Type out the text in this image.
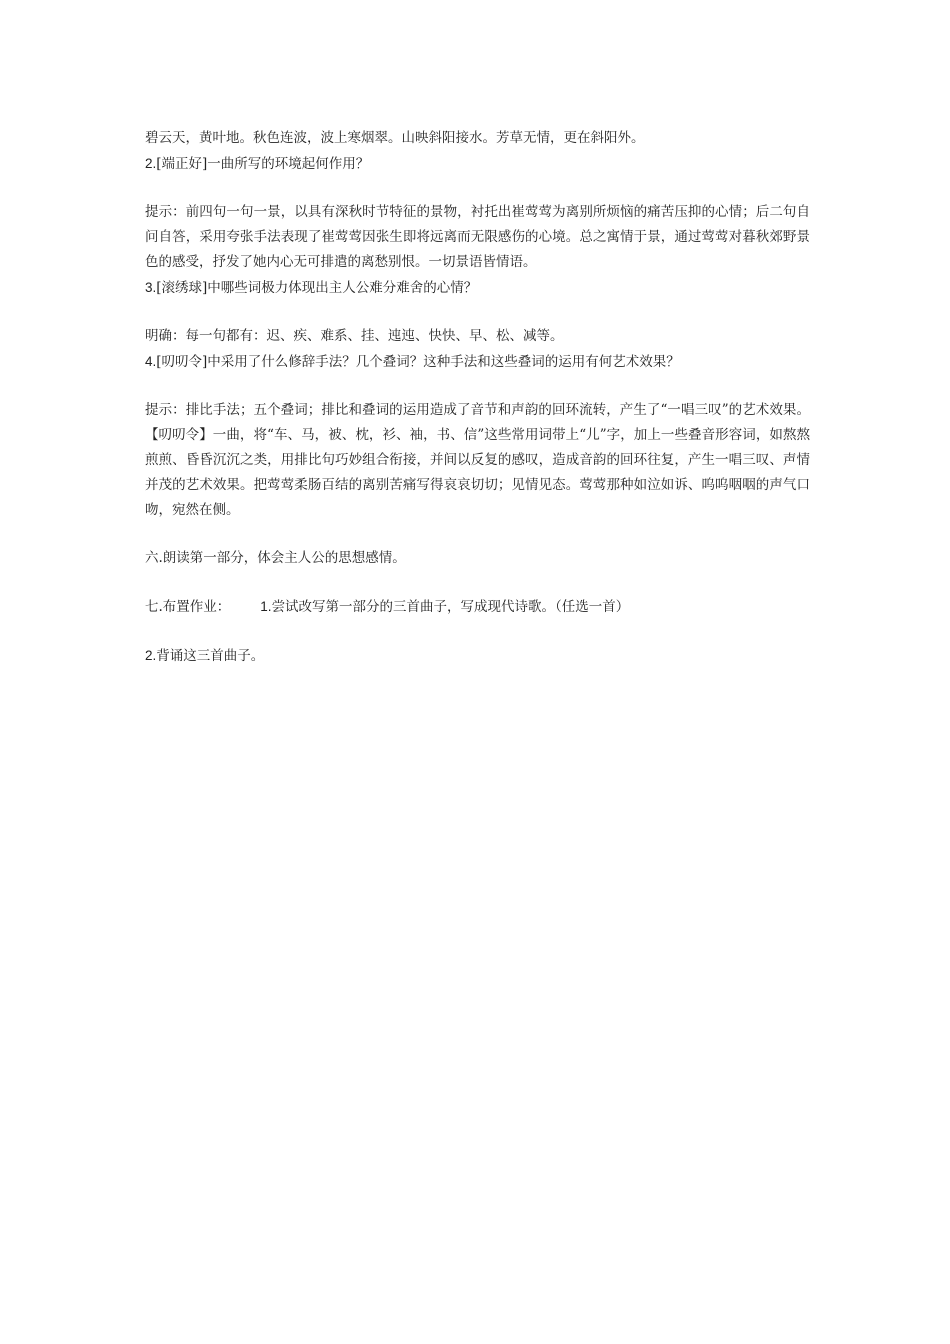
碧云天，黄叶地。秋色连波，波上寒烟翠。山映斜阳接水。芳草无情，更在斜阳外。

2.[端正好]一曲所写的环境起何作用？

提示：前四句一句一景，以具有深秋时节特征的景物，衬托出崔莺莺为离别所烦恼的痛苦压抑的心情；后二句自问自答，采用夸张手法表现了崔莺莺因张生即将远离而无限感伤的心境。总之寓情于景，通过莺莺对暮秋郊野景色的感受，抒发了她内心无可排遣的离愁别恨。一切景语皆情语。

3.[滚绣球]中哪些词极力体现出主人公难分难舍的心情？

明确：每一句都有：迟、疾、难系、挂、迍迍、快快、早、松、减等。

4.[叨叨令]中采用了什么修辞手法？几个叠词？这种手法和这些叠词的运用有何艺术效果？

提示：排比手法；五个叠词；排比和叠词的运用造成了音节和声韵的回环流转，产生了“一唱三叹”的艺术效果。【叨叨令】一曲，将“车、马，被、枕，衫、袖，书、信”这些常用词带上“儿”字，加上一些叠音形容词，如熬熬煎煎、昏昏沉沉之类，用排比句巧妙组合衔接，并间以反复的感叹，造成音韵的回环往复，产生一唱三叹、声情并茂的艺术效果。把莺莺柔肠百结的离别苦痛写得哀哀切切；见情见态。莺莺那种如泣如诉、呜呜咽咽的声气口吻，宛然在侧。

六.朗读第一部分，体会主人公的思想感情。

七.布置作业： 1.尝试改写第一部分的三首曲子，写成现代诗歌。（任选一首）

2.背诵这三首曲子。
